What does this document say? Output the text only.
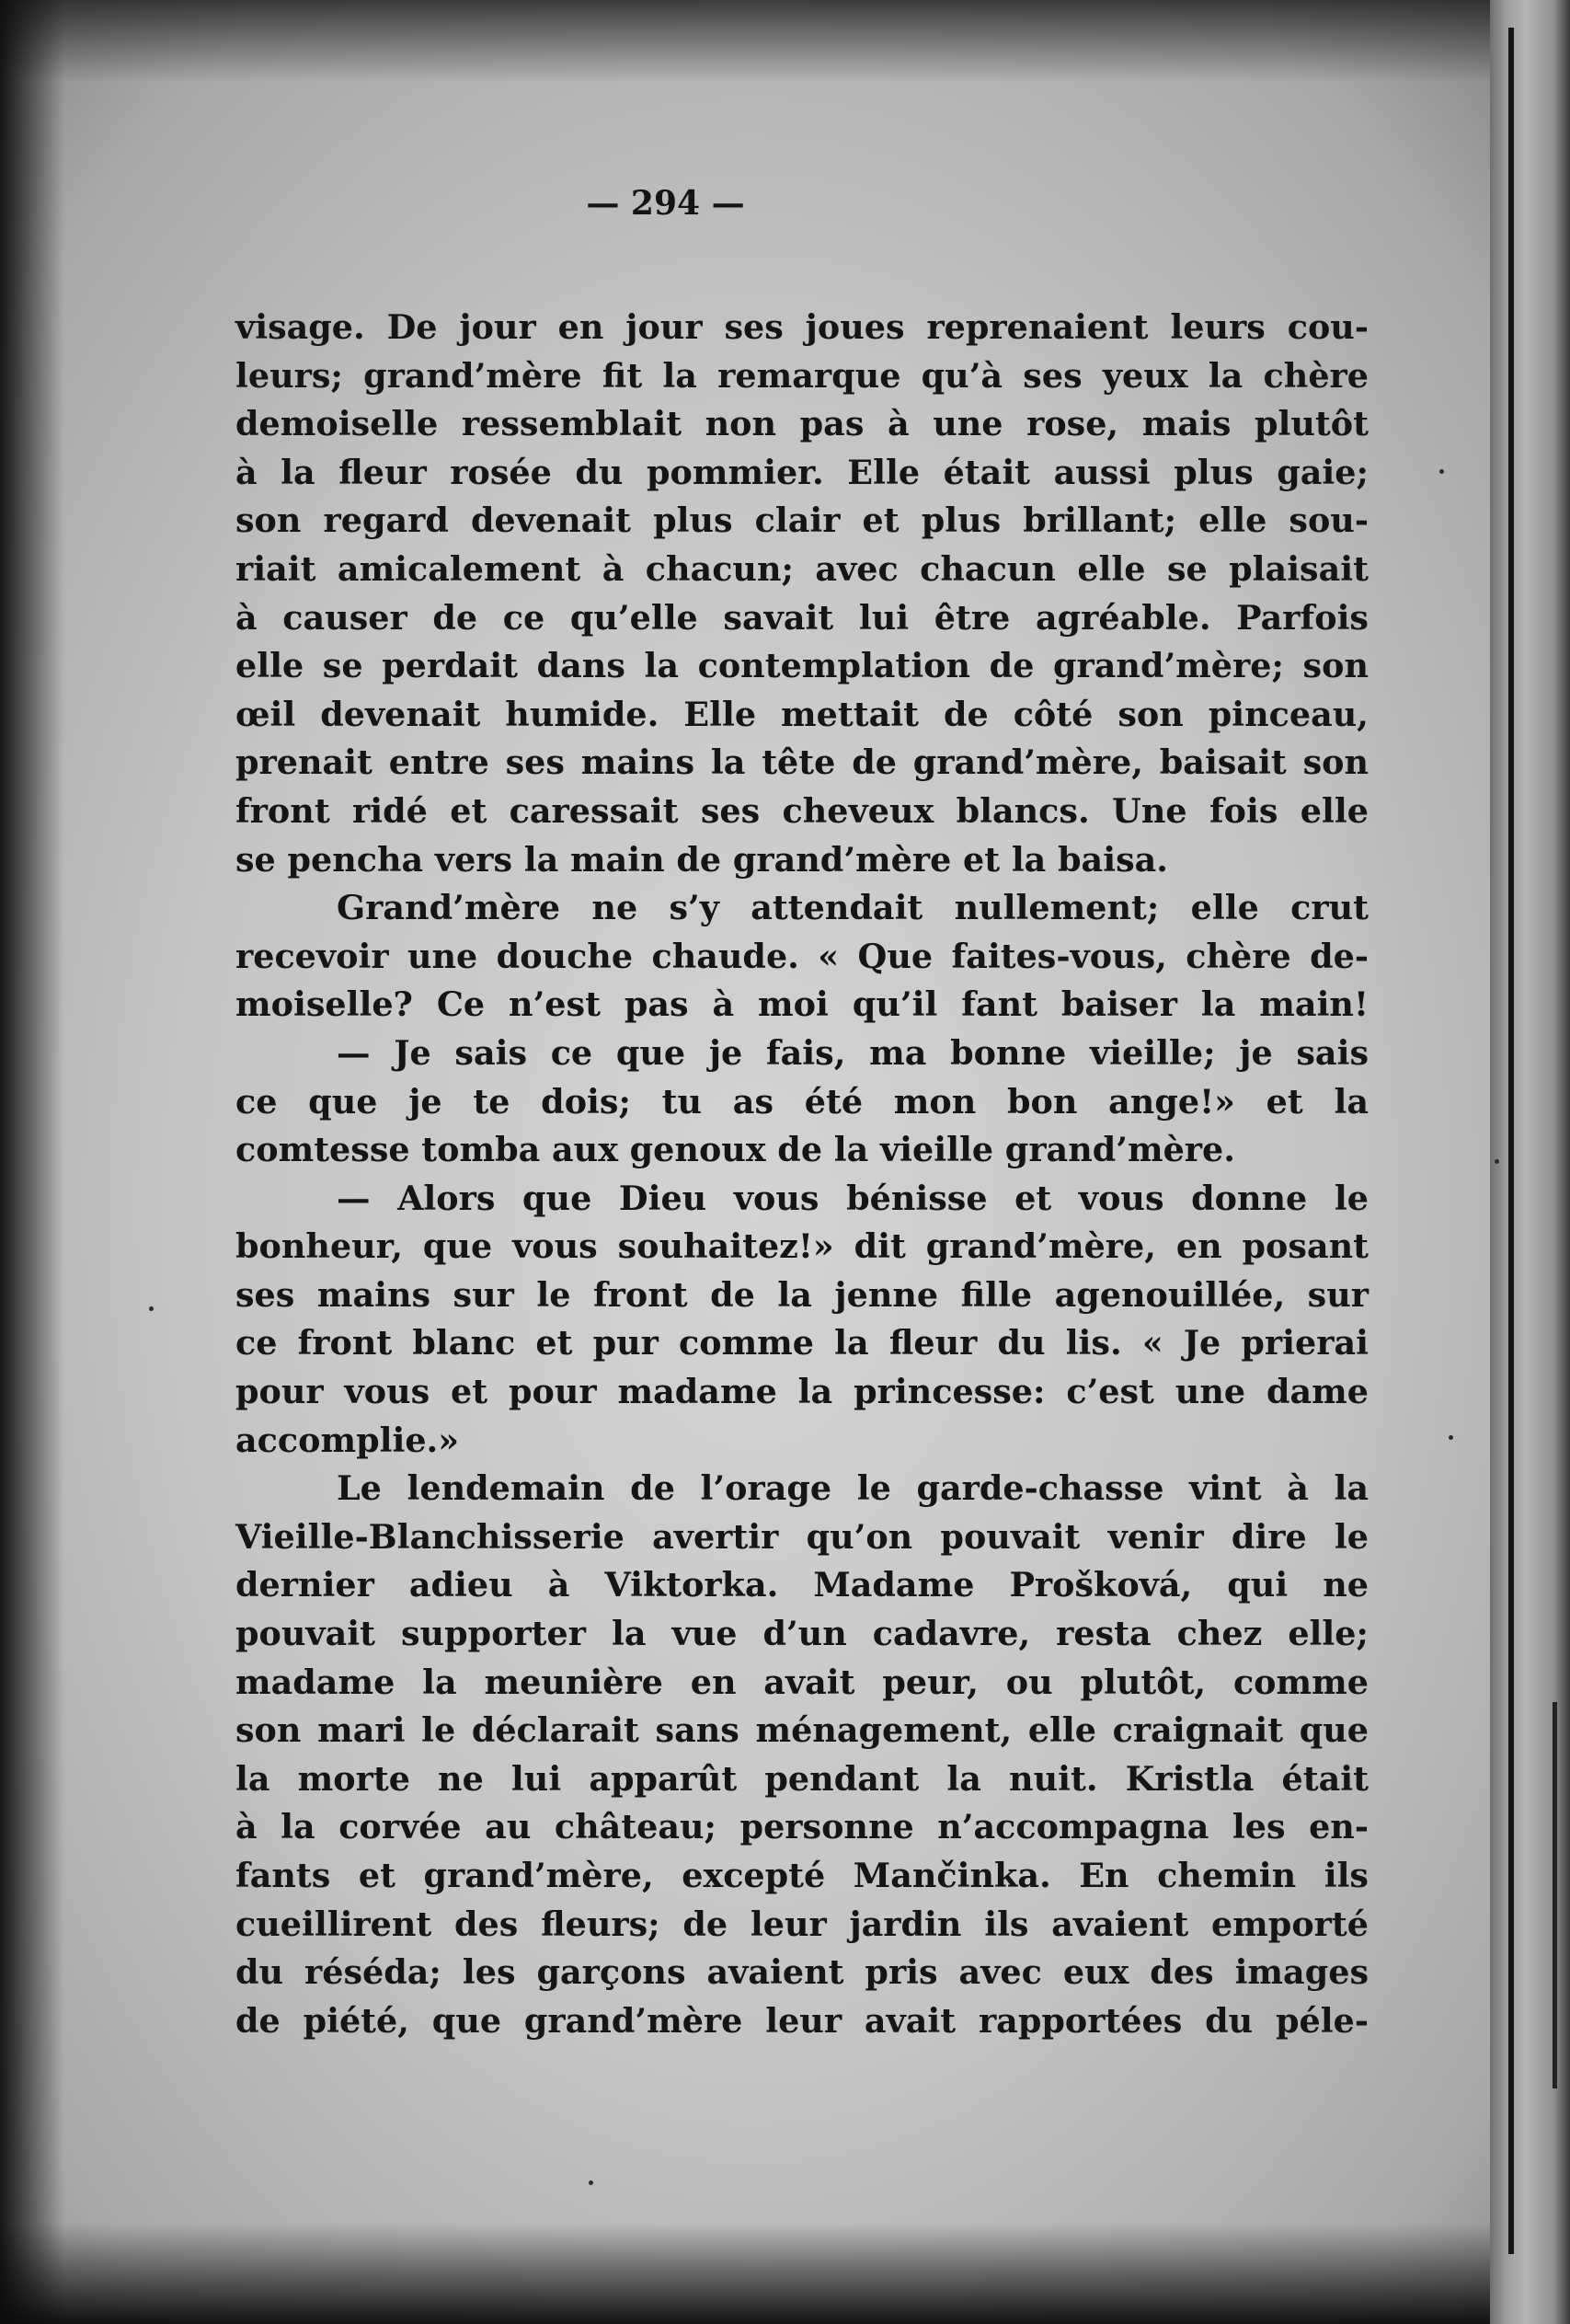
— 294 —
visage. De jour en jour ses joues reprenaient leurs cou-
leurs; grand’mère fit la remarque qu’à ses yeux la chère
demoiselle ressemblait non pas à une rose, mais plutôt
à la fleur rosée du pommier. Elle était aussi plus gaie;
son regard devenait plus clair et plus brillant; elle sou-
riait amicalement à chacun; avec chacun elle se plaisait
à causer de ce qu’elle savait lui être agréable. Parfois
elle se perdait dans la contemplation de grand’mère; son
œil devenait humide. Elle mettait de côté son pinceau,
prenait entre ses mains la tête de grand’mère, baisait son
front ridé et caressait ses cheveux blancs. Une fois elle
se pencha vers la main de grand’mère et la baisa.
Grand’mère ne s’y attendait nullement; elle crut
recevoir une douche chaude. « Que faites-vous, chère de-
moiselle? Ce n’est pas à moi qu’il fant baiser la main!
— Je sais ce que je fais, ma bonne vieille; je sais
ce que je te dois; tu as été mon bon ange!» et la
comtesse tomba aux genoux de la vieille grand’mère.
— Alors que Dieu vous bénisse et vous donne le
bonheur, que vous souhaitez!» dit grand’mère, en posant
ses mains sur le front de la jenne fille agenouillée, sur
ce front blanc et pur comme la fleur du lis. « Je prierai
pour vous et pour madame la princesse: c’est une dame
accomplie.»
Le lendemain de l’orage le garde-chasse vint à la
Vieille-Blanchisserie avertir qu’on pouvait venir dire le
dernier adieu à Viktorka. Madame Prošková, qui ne
pouvait supporter la vue d’un cadavre, resta chez elle;
madame la meunière en avait peur, ou plutôt, comme
son mari le déclarait sans ménagement, elle craignait que
la morte ne lui apparût pendant la nuit. Kristla était
à la corvée au château; personne n’accompagna les en-
fants et grand’mère, excepté Mančinka. En chemin ils
cueillirent des fleurs; de leur jardin ils avaient emporté
du réséda; les garçons avaient pris avec eux des images
de piété, que grand’mère leur avait rapportées du péle-
